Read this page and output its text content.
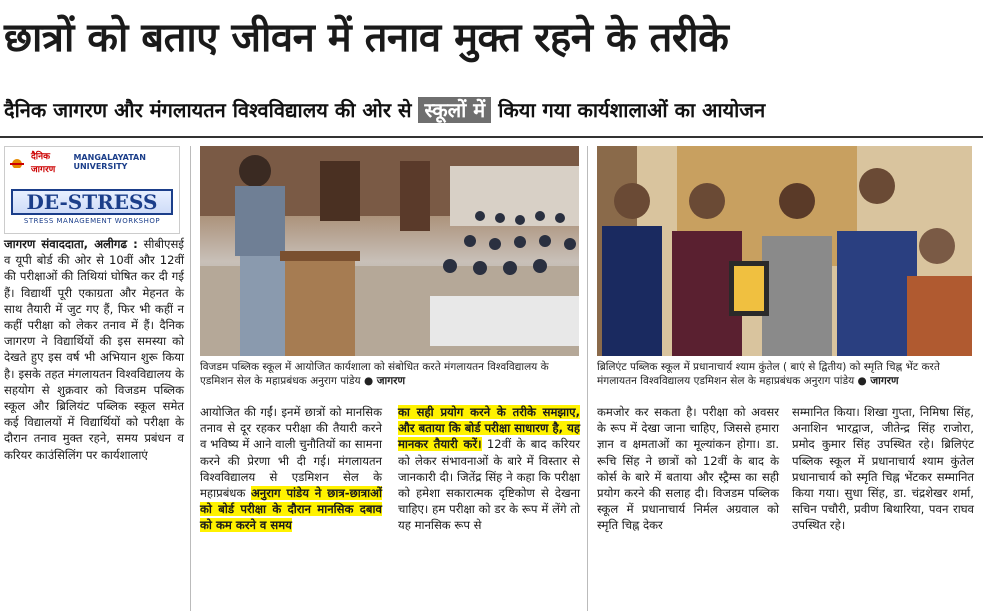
छात्रों को बताए जीवन में तनाव मुक्त रहने के तरीके
दैनिक जागरण और मंगलायतन विश्वविद्यालय की ओर से स्कूलों में किया गया कार्यशालाओं का आयोजन
दैनिक जागरण
MANGALAYATAN UNIVERSITY
DE-STRESS
STRESS MANAGEMENT WORKSHOP
जागरण संवाददाता, अलीगढ : सीबीएसई व यूपी बोर्ड की ओर से 10वीं और 12वीं की परीक्षाओं की तिथियां घोषित कर दी गई हैं। विद्यार्थी पूरी एकाग्रता और मेहनत के साथ तैयारी में जुट गए हैं, फिर भी कहीं न कहीं परीक्षा को लेकर तनाव में हैं। दैनिक जागरण ने विद्यार्थियों की इस समस्या को देखते हुए इस वर्ष भी अभियान शुरू किया है। इसके तहत मंगलायतन विश्वविद्यालय के सहयोग से शुक्रवार को विजडम पब्लिक स्कूल और ब्रिलियंट पब्लिक स्कूल समेत कई विद्यालयों में विद्यार्थियों को परीक्षा के दौरान तनाव मुक्त रहने, समय प्रबंधन व करियर काउंसिलिंग पर कार्यशालाएं
विजडम पब्लिक स्कूल में आयोजित कार्यशाला को संबोधित करते मंगलायतन विश्वविद्यालय के एडमिशन सेल के महाप्रबंधक अनुराग पांडेय ● जागरण
ब्रिलिएंट पब्लिक स्कूल में प्रधानाचार्य श्याम कुंतेल ( बाएं से द्वितीय) को स्मृति चिह्न भेंट करते मंगलायतन विश्वविद्यालय एडमिशन सेल के महाप्रबंधक अनुराग पांडेय ● जागरण
आयोजित की गईं। इनमें छात्रों को मानसिक तनाव से दूर रहकर परीक्षा की तैयारी करने व भविष्य में आने वाली चुनौतियों का सामना करने की प्रेरणा भी दी गई। मंगलायतन विश्वविद्यालय से एडमिशन सेल के महाप्रबंधक अनुराग पांडेय ने छात्र-छात्राओं को बोर्ड परीक्षा के दौरान मानसिक दबाव को कम करने व समय
का सही प्रयोग करने के तरीके समझाए, और बताया कि बोर्ड परीक्षा साधारण है, यह मानकर तैयारी करें। 12वीं के बाद करियर को लेकर संभावनाओं के बारे में विस्तार से जानकारी दी। जितेंद्र सिंह ने कहा कि परीक्षा को हमेशा सकारात्मक दृष्टिकोण से देखना चाहिए। हम परीक्षा को डर के रूप में लेंगे तो यह मानसिक रूप से
कमजोर कर सकता है। परीक्षा को अवसर के रूप में देखा जाना चाहिए, जिससे हमारा ज्ञान व क्षमताओं का मूल्यांकन होगा। डा. रूचि सिंह ने छात्रों को 12वीं के बाद के कोर्स के बारे में बताया और स्ट्रैम्स का सही प्रयोग करने की सलाह दी। विजडम पब्लिक स्कूल में प्रधानाचार्य निर्मल अग्रवाल को स्मृति चिह्न देकर
सम्मानित किया। शिखा गुप्ता, निमिषा सिंह, अनाशिन भारद्वाज, जीतेन्द्र सिंह राजोरा, प्रमोद कुमार सिंह उपस्थित रहे। ब्रिलिएंट पब्लिक स्कूल में प्रधानाचार्य श्याम कुंतेल प्रधानाचार्य को स्मृति चिह्न भेंटकर सम्मानित किया गया। सुधा सिंह, डा. चंद्रशेखर शर्मा, सचिन पचौरी, प्रवीण बिथारिया, पवन राघव उपस्थित रहे।
